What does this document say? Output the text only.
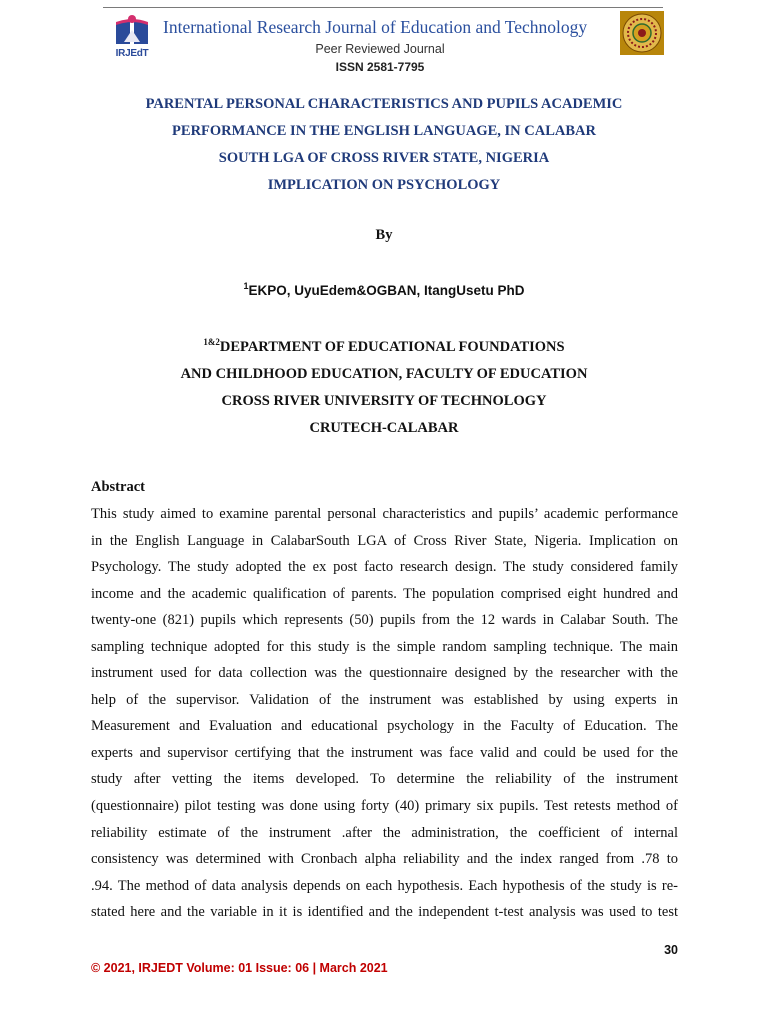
IRJEdT
International Research Journal of Education and Technology
Peer Reviewed Journal
ISSN 2581-7795
PARENTAL PERSONAL CHARACTERISTICS AND PUPILS ACADEMIC
PERFORMANCE IN THE ENGLISH LANGUAGE, IN CALABAR
SOUTH LGA OF CROSS RIVER STATE, NIGERIA
IMPLICATION ON PSYCHOLOGY
By
$^1$EKPO, UyuEdem&OGBAN, ItangUsetu PhD
$^{1\&2}$DEPARTMENT OF EDUCATIONAL FOUNDATIONS
AND CHILDHOOD EDUCATION, FACULTY OF EDUCATION
CROSS RIVER UNIVERSITY OF TECHNOLOGY
CRUTECH-CALABAR
Abstract
This study aimed to examine parental personal characteristics and pupils’ academic performance
in the English Language in CalabarSouth LGA of Cross River State, Nigeria. Implication on
Psychology. The study adopted the ex post facto research design. The study considered family
income and the academic qualification of parents. The population comprised eight hundred and
twenty-one (821) pupils which represents (50) pupils from the 12 wards in Calabar South. The
sampling technique adopted for this study is the simple random sampling technique. The main
instrument used for data collection was the questionnaire designed by the researcher with the
help of the supervisor. Validation of the instrument was established by using experts in
Measurement and Evaluation and educational psychology in the Faculty of Education. The
experts and supervisor certifying that the instrument was face valid and could be used for the
study after vetting the items developed. To determine the reliability of the instrument
(questionnaire) pilot testing was done using forty (40) primary six pupils. Test retests method of
reliability estimate of the instrument .after the administration, the coefficient of internal
consistency was determined with Cronbach alpha reliability and the index ranged from .78 to
.94. The method of data analysis depends on each hypothesis. Each hypothesis of the study is re-
stated here and the variable in it is identified and the independent t-test analysis was used to test
30
© 2021, IRJEDT Volume: 01 Issue: 06 | March 2021
